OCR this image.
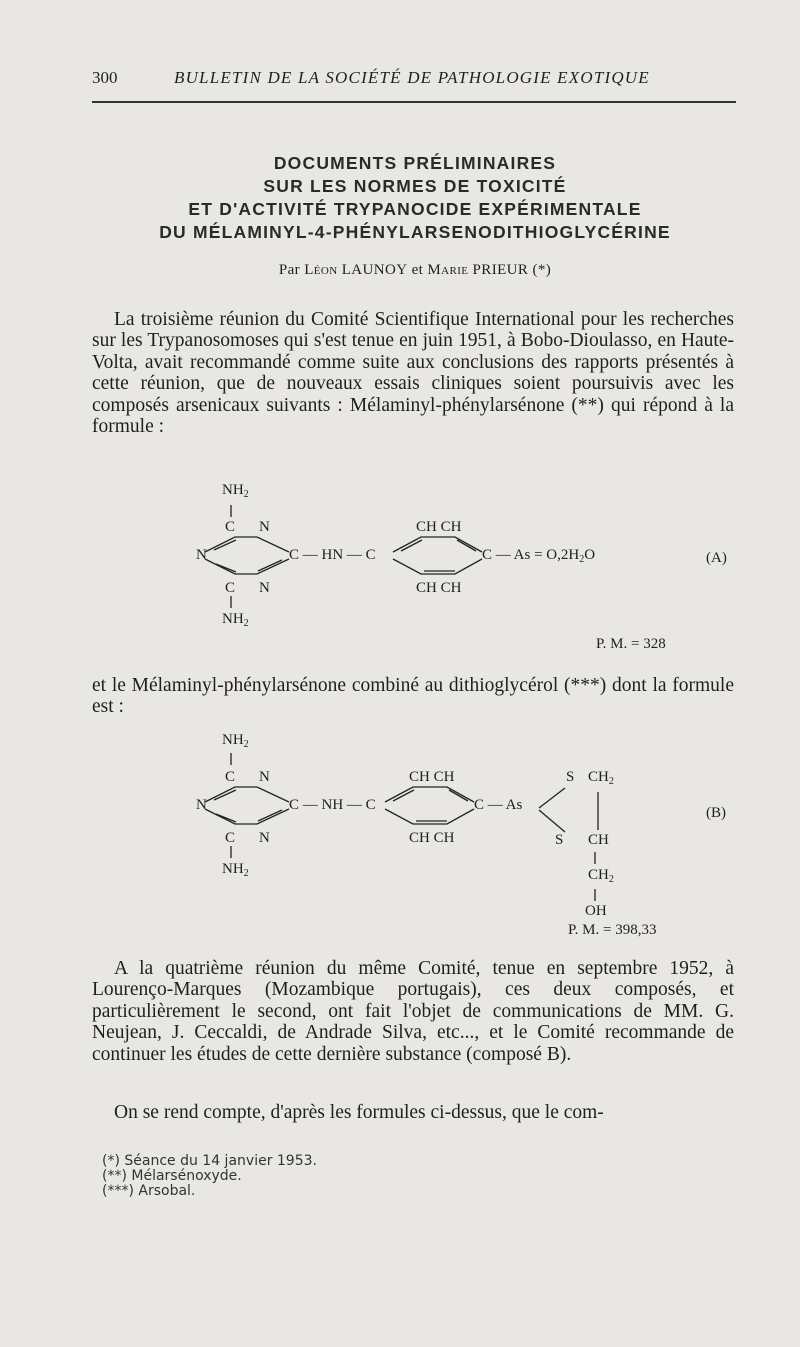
300	BULLETIN DE LA SOCIÉTÉ DE PATHOLOGIE EXOTIQUE
DOCUMENTS PRÉLIMINAIRES
SUR LES NORMES DE TOXICITÉ
ET D'ACTIVITÉ TRYPANOCIDE EXPÉRIMENTALE
DU MÉLAMINYL-4-PHÉNYLARSENODITHIOGLYCÉRINE
Par Léon LAUNOY et Marie PRIEUR (*)

La troisième réunion du Comité Scientifique International pour les recherches sur les Trypanosomoses qui s'est tenue en juin 1951, à Bobo-Dioulasso, en Haute-Volta, avait recommandé comme suite aux conclusions des rapports présentés à cette réunion, que de nouveaux essais cliniques soient poursuivis avec les composés arsenicaux suivants : Mélaminyl-phénylarsénone (**) qui répond à la formule :

$NH_2$
C N
N	C — HN — C
C N
$NH_2$
CH CH
CH CH
C — $As = O,2H_2O$	(A)
P. M. = 328

et le Mélaminyl-phénylarsénone combiné au dithioglycérol (***) dont la formule est :

$NH_2$
C N
N	C — NH — C
C N
$NH_2$
CH CH
CH CH
C — As
S $CH_2$
S CH
$CH_2$
OH
(B)
P. M. = 398,33

A la quatrième réunion du même Comité, tenue en septembre 1952, à Lourenço-Marques (Mozambique portugais), ces deux composés, et particulièrement le second, ont fait l'objet de communications de MM. G. Neujean, J. Ceccaldi, de Andrade Silva, etc..., et le Comité recommande de continuer les études de cette dernière substance (composé B).

On se rend compte, d'après les formules ci-dessus, que le com-

(*) Séance du 14 janvier 1953.
(**) Mélarsénoxyde.
(***) Arsobal.
